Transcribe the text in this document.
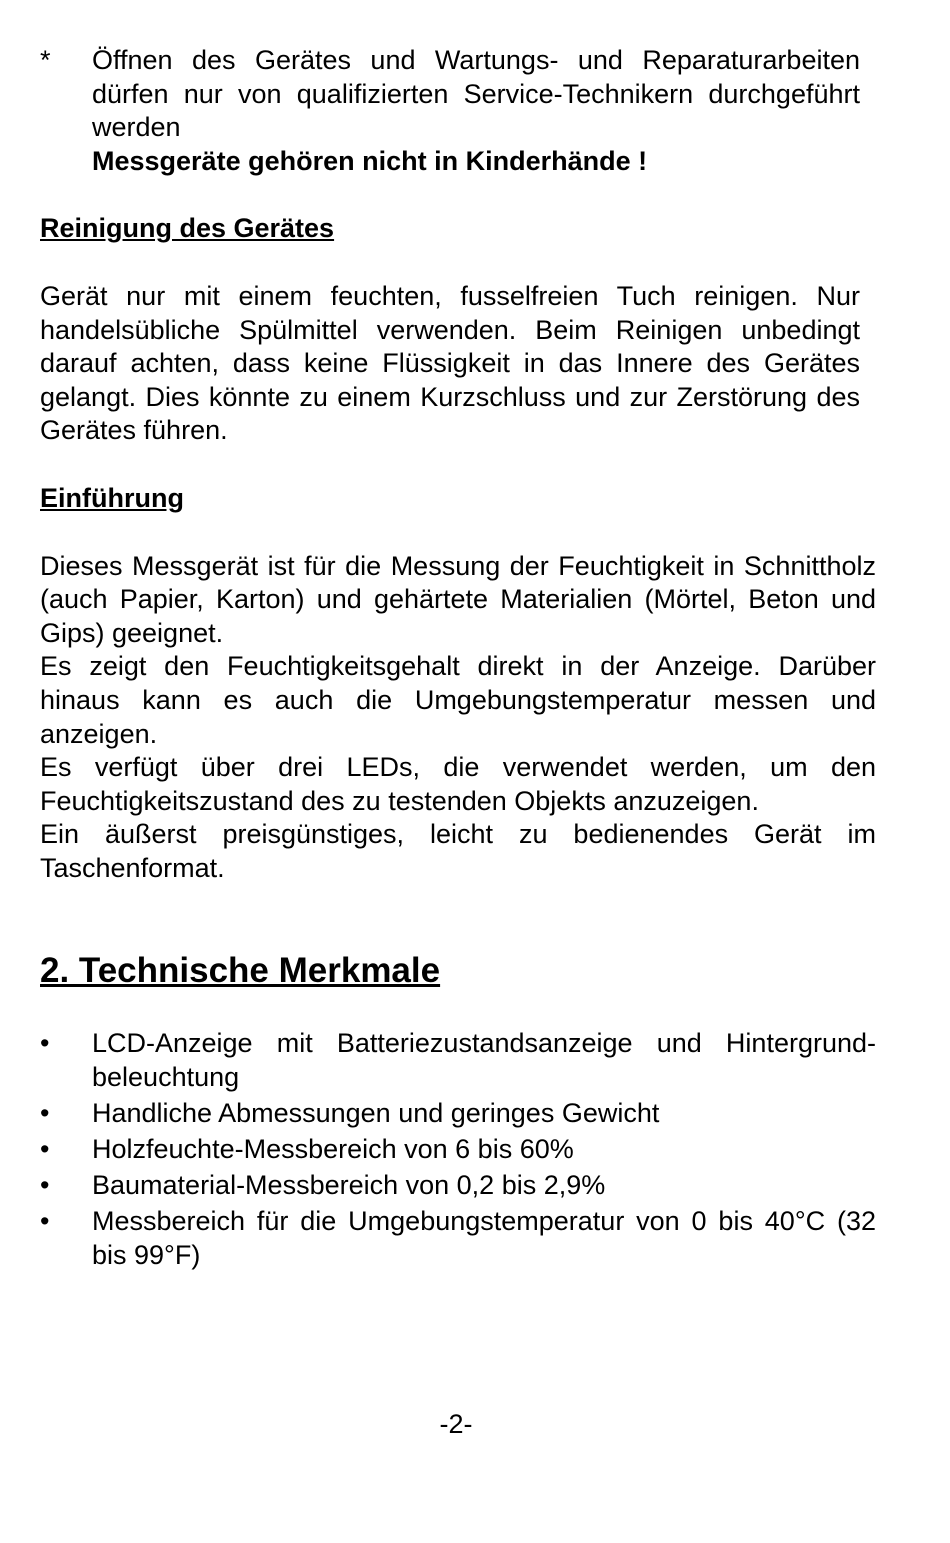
*	Öffnen des Gerätes und Wartungs- und Reparaturarbeiten dürfen nur von qualifizierten Service-Technikern durchgeführt werden

Messgeräte gehören nicht in Kinderhände !

Reinigung des Gerätes

Gerät nur mit einem feuchten, fusselfreien Tuch reinigen. Nur handelsübliche Spülmittel verwenden. Beim Reinigen unbedingt darauf achten, dass keine Flüssigkeit in das Innere des Gerätes gelangt. Dies könnte zu einem Kurzschluss und zur Zerstörung des Gerätes führen.

Einführung

Dieses Messgerät ist für die Messung der Feuchtigkeit in Schnittholz (auch Papier, Karton) und gehärtete Materialien (Mörtel, Beton und Gips) geeignet.

Es zeigt den Feuchtigkeitsgehalt direkt in der Anzeige. Darüber hinaus kann es auch die Umgebungstemperatur messen und anzeigen.

Es verfügt über drei LEDs, die verwendet werden, um den Feuchtigkeitszustand des zu testenden Objekts anzuzeigen.

Ein äußerst preisgünstiges, leicht zu bedienendes Gerät im Taschenformat.

2. Technische Merkmale
•	LCD-Anzeige mit Batteriezustandsanzeige und Hintergrund-beleuchtung
•	Handliche Abmessungen und geringes Gewicht
•	Holzfeuchte-Messbereich von 6 bis 60%
•	Baumaterial-Messbereich von 0,2 bis 2,9%
•	Messbereich für die Umgebungstemperatur von 0 bis 40°C (32 bis 99°F)
-2-
